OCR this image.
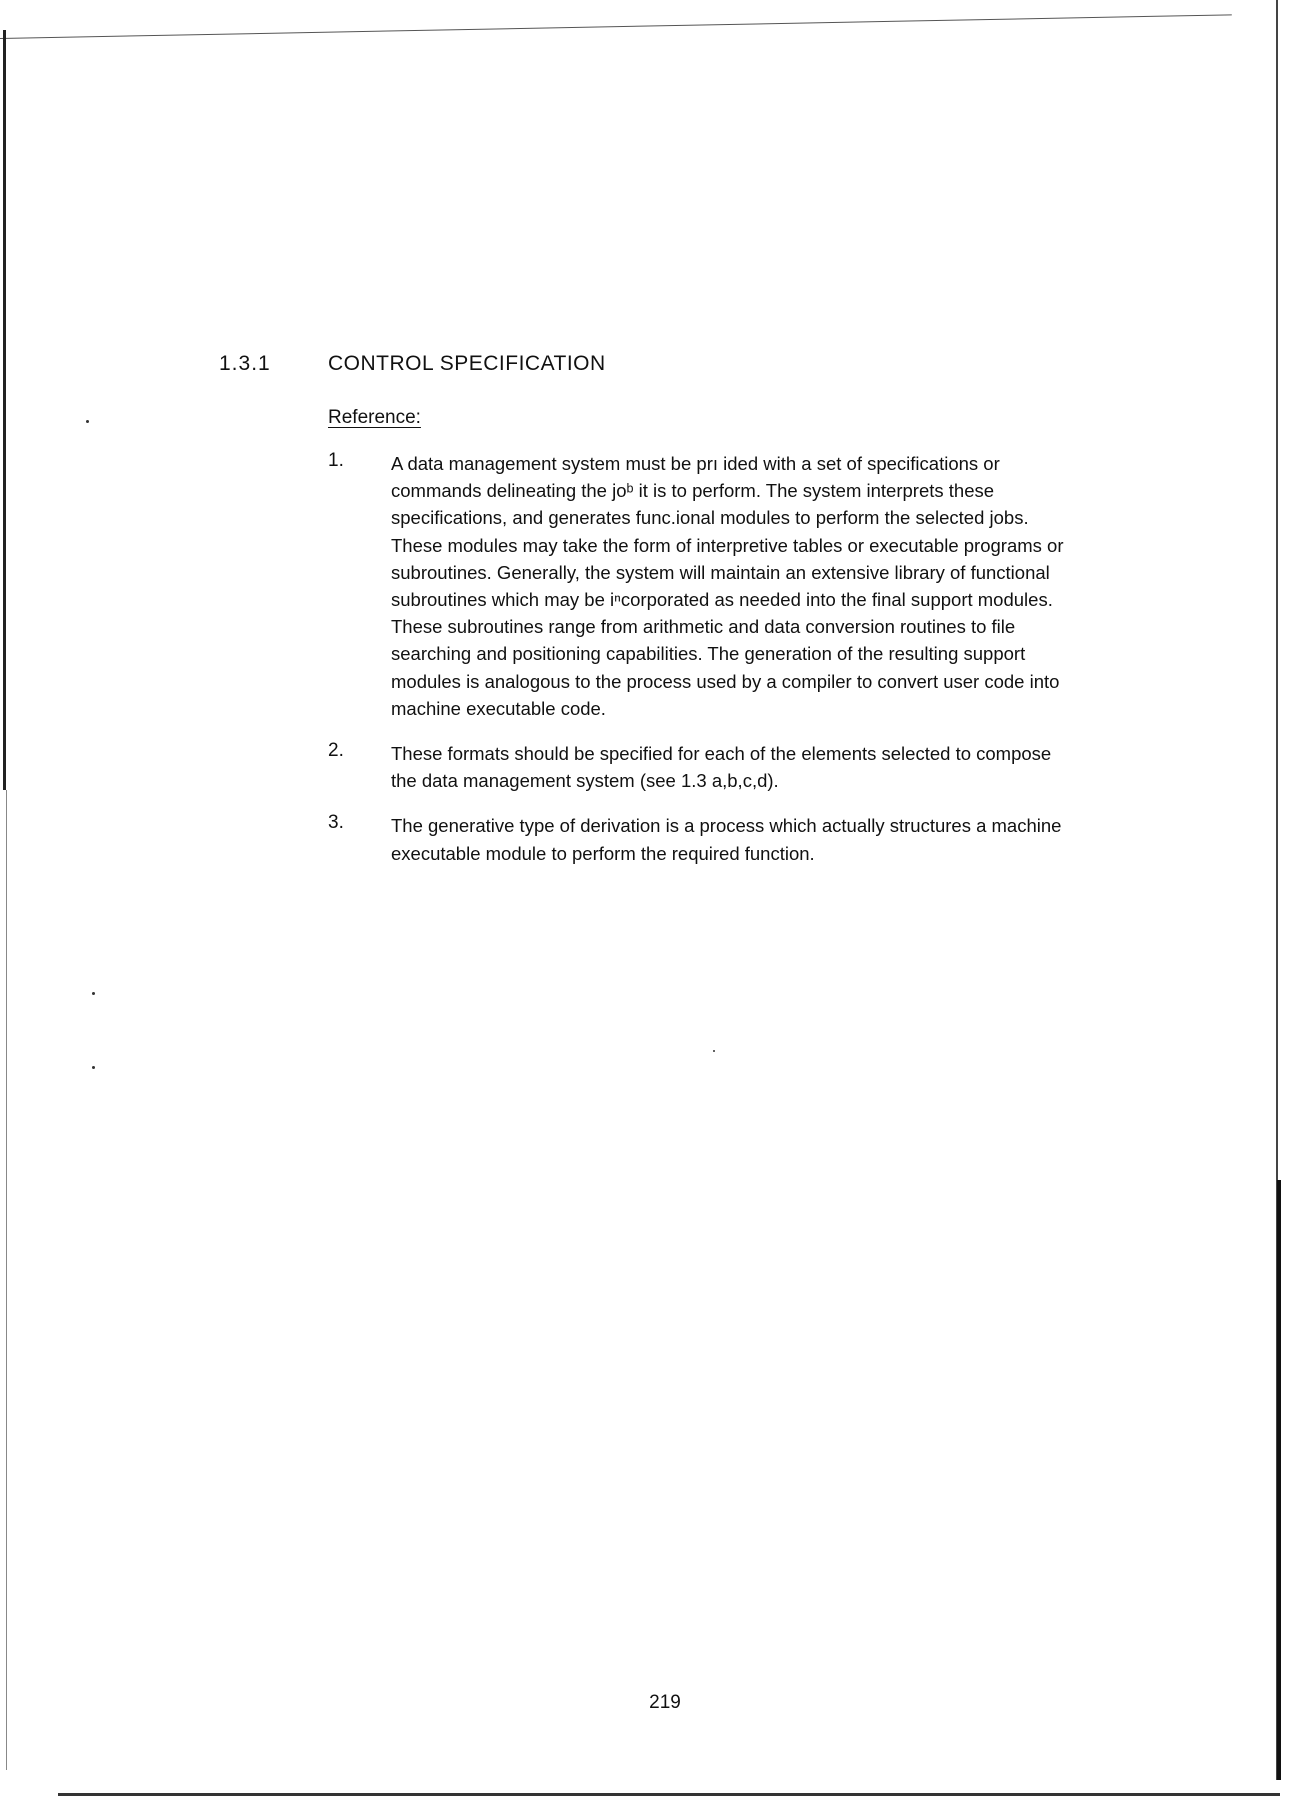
1.3.1	CONTROL SPECIFICATION
Reference:
1.	A data management system must be prı ided with a set of specifications or commands delineating the joᵇ it is to perform. The system interprets these specifications, and generates func.ional modules to perform the selected jobs. These modules may take the form of interpretive tables or executable programs or subroutines. Generally, the system will maintain an extensive library of functional subroutines which may be iⁿcorporated as needed into the final support modules. These subroutines range from arithmetic and data conversion routines to file searching and positioning capabilities. The generation of the resulting support modules is analogous to the process used by a compiler to convert user code into machine executable code.
2.	These formats should be specified for each of the elements selected to compose the data management system (see 1.3 a,b,c,d).
3.	The generative type of derivation is a process which actually structures a machine executable module to perform the required function.
219
